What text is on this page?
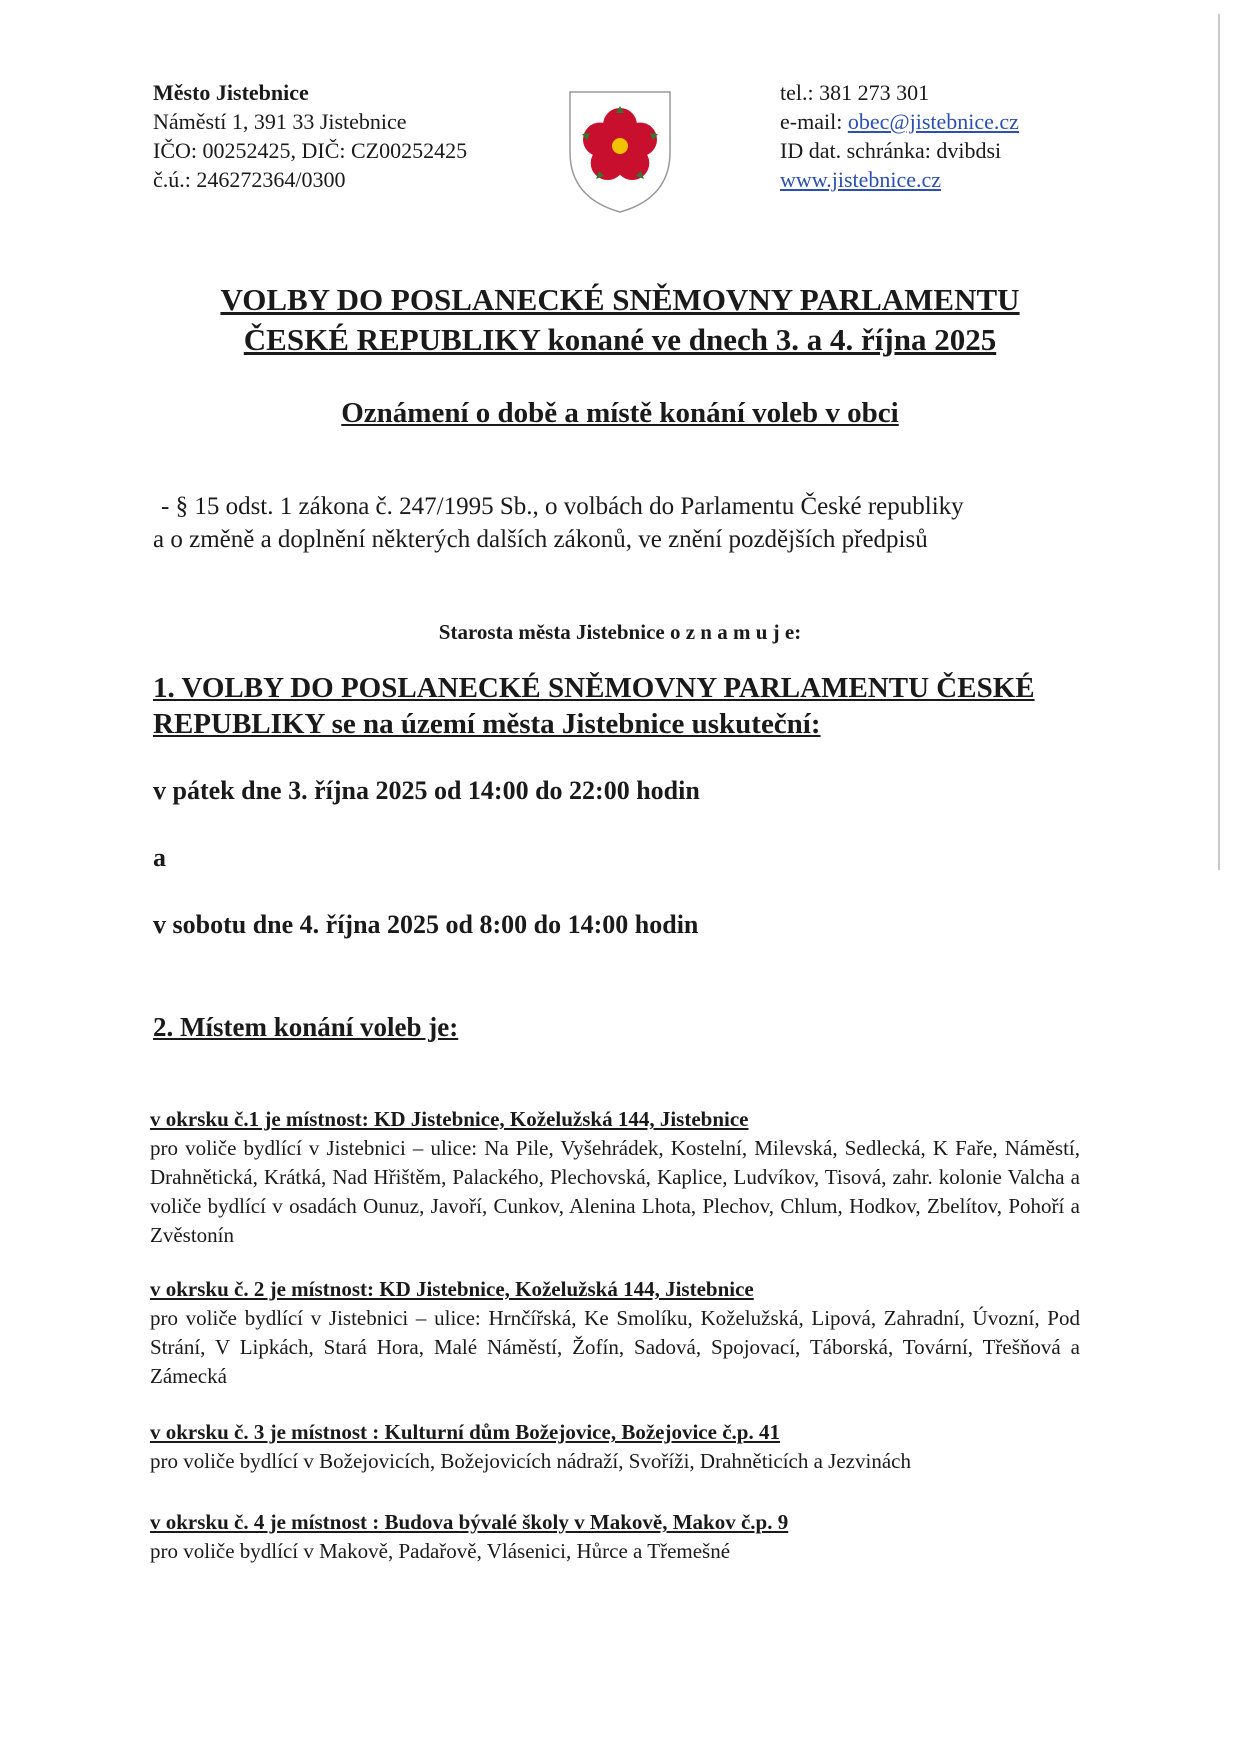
Město Jistebnice
Náměstí 1, 391 33 Jistebnice
IČO: 00252425, DIČ: CZ00252425
č.ú.: 246272364/0300
tel.: 381 273 301
e-mail: obec@jistebnice.cz
ID dat. schránka: dvibdsi
www.jistebnice.cz
VOLBY DO POSLANECKÉ SNĚMOVNY PARLAMENTU
ČESKÉ REPUBLIKY konané ve dnech 3. a 4. října 2025
Oznámení o době a místě konání voleb v obci
- § 15 odst. 1 zákona č. 247/1995 Sb., o volbách do Parlamentu České republiky
a o změně a doplnění některých dalších zákonů, ve znění pozdějších předpisů
Starosta města Jistebnice o z n a m u j e:
1. VOLBY DO POSLANECKÉ SNĚMOVNY PARLAMENTU ČESKÉ REPUBLIKY se na území města Jistebnice uskuteční:
v pátek dne 3. října 2025 od 14:00 do 22:00 hodin
a
v sobotu dne 4. října 2025 od 8:00 do 14:00 hodin
2. Místem konání voleb je:
v okrsku č.1 je místnost: KD Jistebnice, Koželužská 144, Jistebnice
pro voliče bydlící v Jistebnici – ulice: Na Pile, Vyšehrádek, Kostelní, Milevská, Sedlecká, K Faře, Náměstí, Drahnětická, Krátká, Nad Hřištěm, Palackého, Plechovská, Kaplice, Ludvíkov, Tisová, zahr. kolonie Valcha a voliče bydlící v osadách Ounuz, Javoří, Cunkov, Alenina Lhota, Plechov, Chlum, Hodkov, Zbelítov, Pohoří a Zvěstonín
v okrsku č. 2 je místnost: KD Jistebnice, Koželužská 144, Jistebnice
pro voliče bydlící v Jistebnici – ulice: Hrnčířská, Ke Smolíku, Koželužská, Lipová, Zahradní, Úvozní, Pod Strání, V Lipkách, Stará Hora, Malé Náměstí, Žofín, Sadová, Spojovací, Táborská, Tovární, Třešňová a Zámecká
v okrsku č. 3 je místnost : Kulturní dům Božejovice, Božejovice č.p. 41
pro voliče bydlící v Božejovicích, Božejovicích nádraží, Svoříži, Drahněticích a Jezvinách
v okrsku č. 4 je místnost : Budova bývalé školy v Makově, Makov č.p. 9
pro voliče bydlící v Makově, Padařově, Vlásenici, Hůrce a Třemešné
